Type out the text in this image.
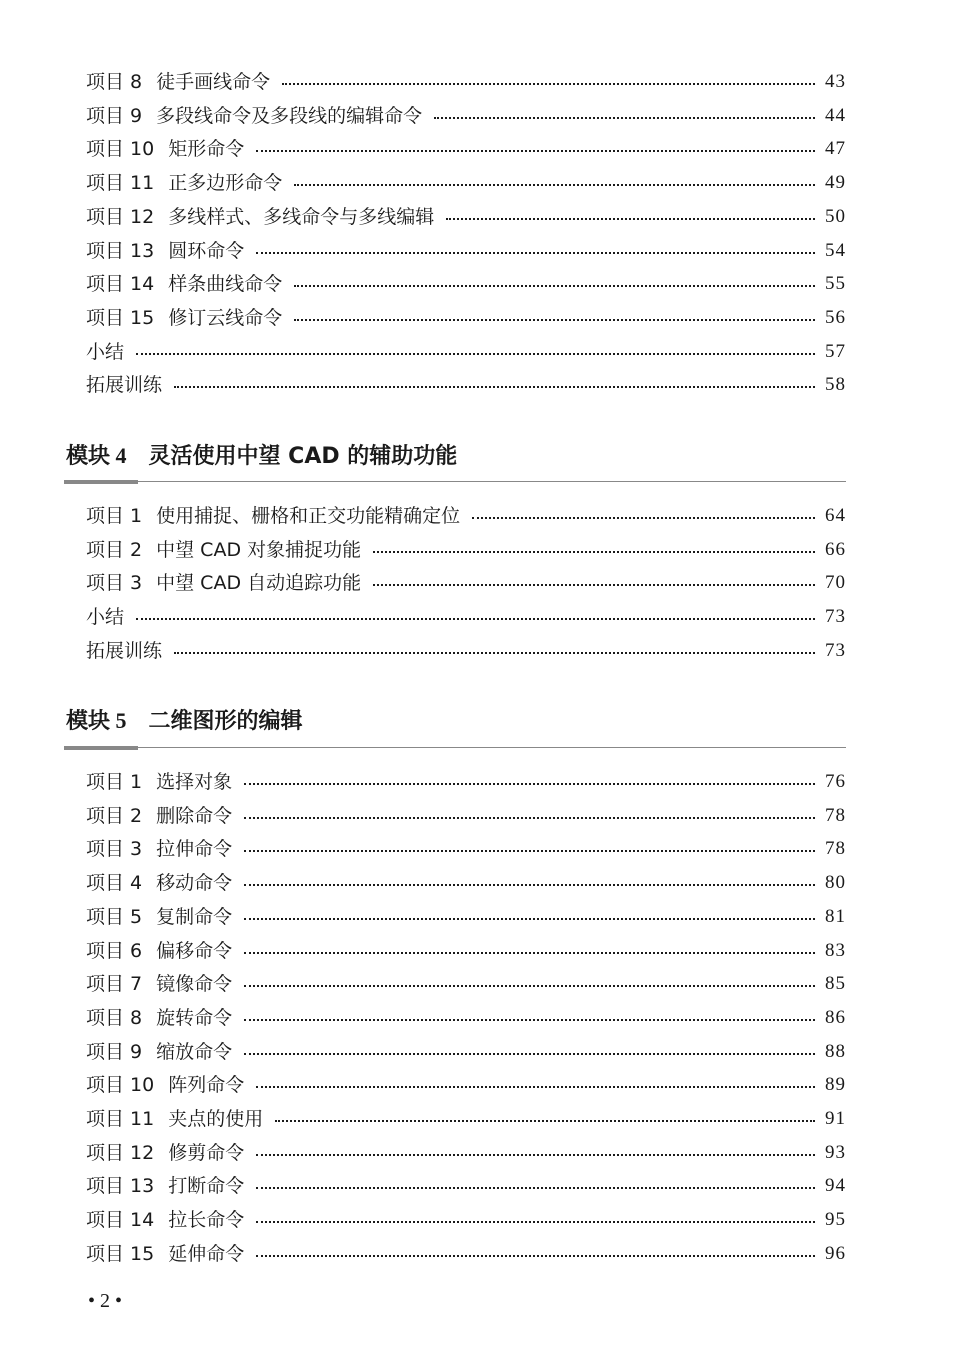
项目 8 徒手画线命令	43
项目 9 多段线命令及多段线的编辑命令	44
项目 10 矩形命令	47
项目 11 正多边形命令	49
项目 12 多线样式、多线命令与多线编辑	50
项目 13 圆环命令	54
项目 14 样条曲线命令	55
项目 15 修订云线命令	56
小结	57
拓展训练	58
模块 4 灵活使用中望 CAD 的辅助功能
项目 1 使用捕捉、栅格和正交功能精确定位	64
项目 2 中望 CAD 对象捕捉功能	66
项目 3 中望 CAD 自动追踪功能	70
小结	73
拓展训练	73
模块 5 二维图形的编辑
项目 1 选择对象	76
项目 2 删除命令	78
项目 3 拉伸命令	78
项目 4 移动命令	80
项目 5 复制命令	81
项目 6 偏移命令	83
项目 7 镜像命令	85
项目 8 旋转命令	86
项目 9 缩放命令	88
项目 10 阵列命令	89
项目 11 夹点的使用	91
项目 12 修剪命令	93
项目 13 打断命令	94
项目 14 拉长命令	95
项目 15 延伸命令	96
• 2 •
